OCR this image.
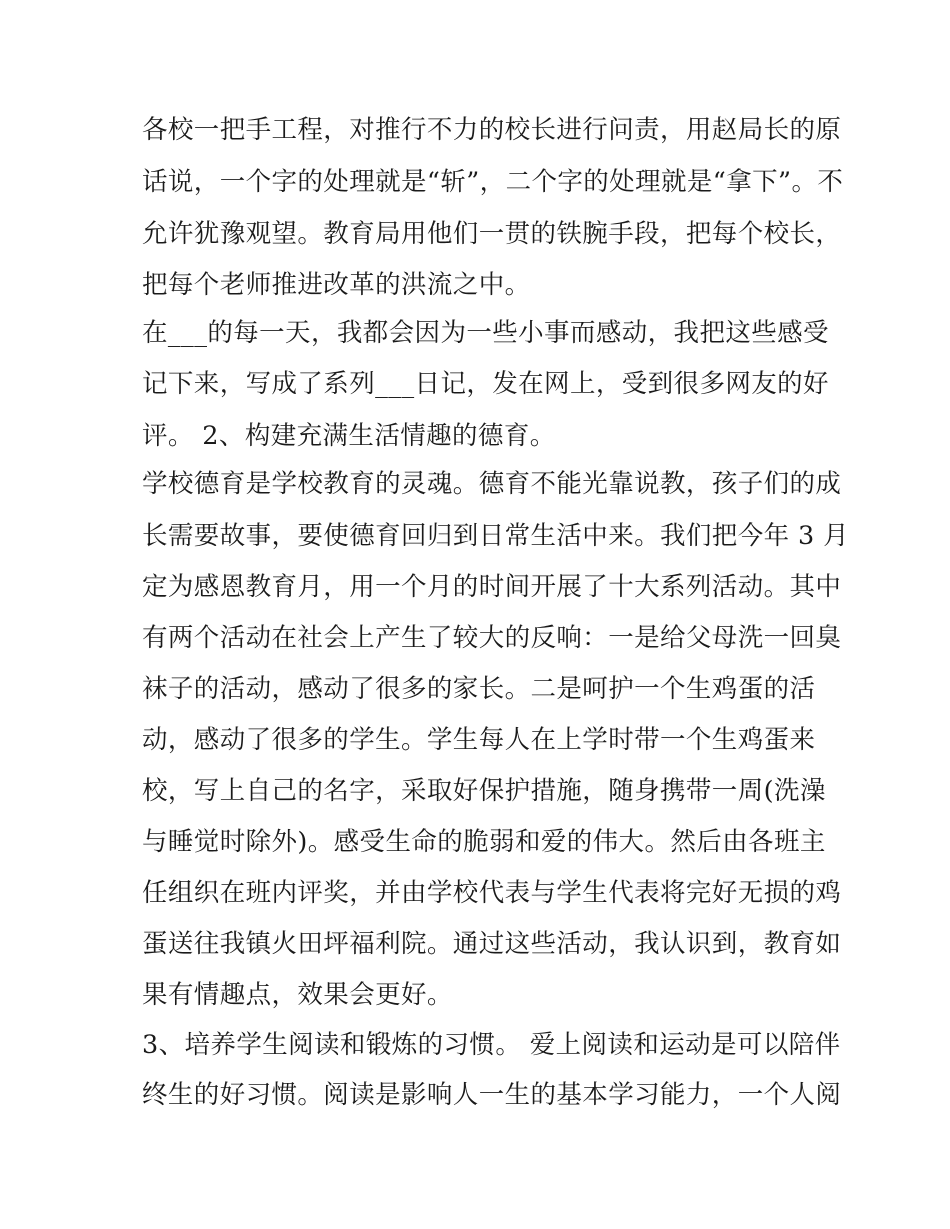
各校一把手工程，对推行不力的校长进行问责，用赵局长的原
话说，一个字的处理就是“斩”，二个字的处理就是“拿下”。不
允许犹豫观望。教育局用他们一贯的铁腕手段，把每个校长，
把每个老师推进改革的洪流之中。
在___的每一天，我都会因为一些小事而感动，我把这些感受
记下来，写成了系列___日记，发在网上，受到很多网友的好
评。 2、构建充满生活情趣的德育。
学校德育是学校教育的灵魂。德育不能光靠说教，孩子们的成
长需要故事，要使德育回归到日常生活中来。我们把今年 3 月
定为感恩教育月，用一个月的时间开展了十大系列活动。其中
有两个活动在社会上产生了较大的反响：一是给父母洗一回臭
袜子的活动，感动了很多的家长。二是呵护一个生鸡蛋的活
动，感动了很多的学生。学生每人在上学时带一个生鸡蛋来
校，写上自己的名字，采取好保护措施，随身携带一周(洗澡
与睡觉时除外)。感受生命的脆弱和爱的伟大。然后由各班主
任组织在班内评奖，并由学校代表与学生代表将完好无损的鸡
蛋送往我镇火田坪福利院。通过这些活动，我认识到，教育如
果有情趣点，效果会更好。
3、培养学生阅读和锻炼的习惯。 爱上阅读和运动是可以陪伴
终生的好习惯。阅读是影响人一生的基本学习能力，一个人阅
